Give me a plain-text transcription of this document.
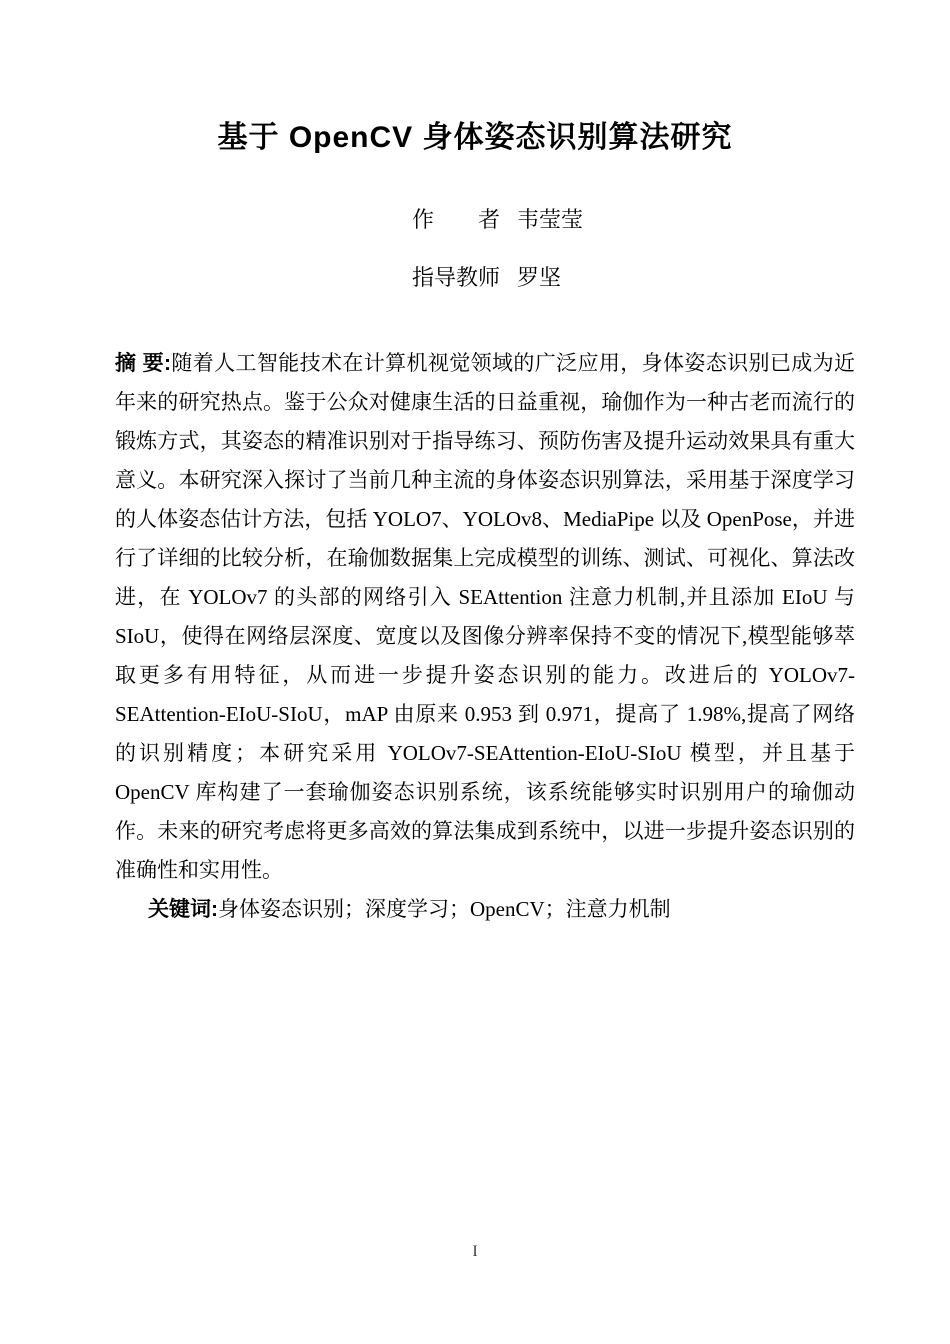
基于 OpenCV 身体姿态识别算法研究

作　　者 韦莹莹

指导教师 罗坚

摘 要:随着人工智能技术在计算机视觉领域的广泛应用，身体姿态识别已成为近年来的研究热点。鉴于公众对健康生活的日益重视，瑜伽作为一种古老而流行的锻炼方式，其姿态的精准识别对于指导练习、预防伤害及提升运动效果具有重大意义。本研究深入探讨了当前几种主流的身体姿态识别算法，采用基于深度学习的人体姿态估计方法，包括 YOLO7、YOLOv8、MediaPipe 以及 OpenPose，并进行了详细的比较分析，在瑜伽数据集上完成模型的训练、测试、可视化、算法改进，在 YOLOv7 的头部的网络引入 SEAttention 注意力机制,并且添加 EIoU 与 SIoU，使得在网络层深度、宽度以及图像分辨率保持不变的情况下,模型能够萃取更多有用特征，从而进一步提升姿态识别的能力。改进后的 YOLOv7-SEAttention-EIoU-SIoU，mAP 由原来 0.953 到 0.971，提高了 1.98%,提高了网络的识别精度；本研究采用 YOLOv7-SEAttention-EIoU-SIoU 模型，并且基于 OpenCV 库构建了一套瑜伽姿态识别系统，该系统能够实时识别用户的瑜伽动作。未来的研究考虑将更多高效的算法集成到系统中，以进一步提升姿态识别的准确性和实用性。

关键词:身体姿态识别；深度学习；OpenCV；注意力机制

I
